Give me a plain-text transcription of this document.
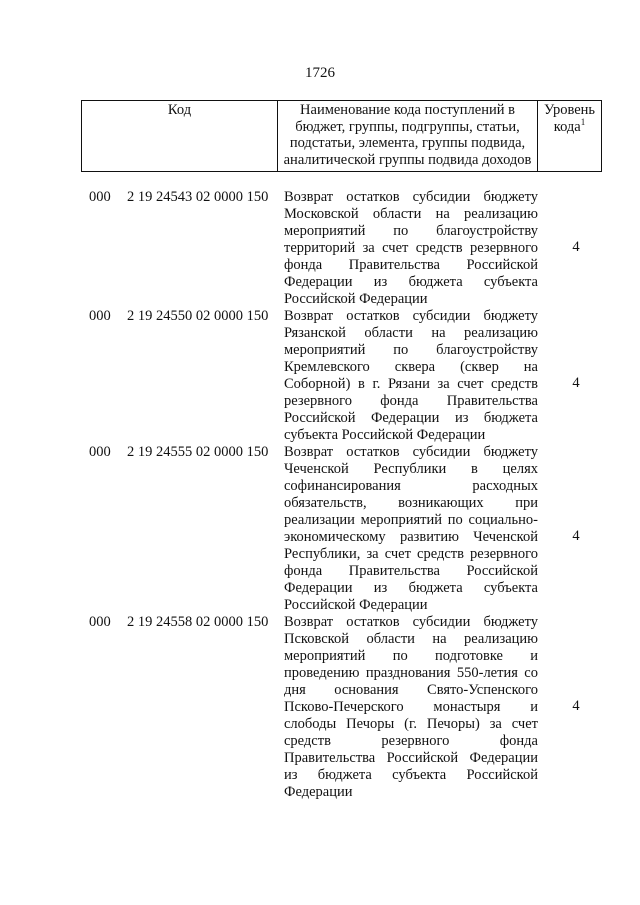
1726
Код	Наименование кода поступлений в
бюджет, группы, подгруппы, статьи,
подстатьи, элемента, группы подвида,
аналитической группы подвида доходов

Уровень
кода$^1$
000 2 19 24543 02 0000 150 Возврат остатков субсидии бюджету
Московской области на реализацию
мероприятий по благоустройству
территорий за счет средств резервного
фонда Правительства Российской
Федерации из бюджета субъекта
Российской Федерации
4
000 2 19 24550 02 0000 150 Возврат остатков субсидии бюджету
Рязанской области на реализацию
мероприятий по благоустройству
Кремлевского сквера (сквер на
Соборной) в г. Рязани за счет средств
резервного фонда Правительства
Российской Федерации из бюджета
субъекта Российской Федерации
4
000 2 19 24555 02 0000 150 Возврат остатков субсидии бюджету
Чеченской Республики в целях
софинансирования расходных
обязательств, возникающих при
реализации мероприятий по социально-
экономическому развитию Чеченской
Республики, за счет средств резервного
фонда Правительства Российской
Федерации из бюджета субъекта
Российской Федерации
4
000 2 19 24558 02 0000 150 Возврат остатков субсидии бюджету
Псковской области на реализацию
мероприятий по подготовке и
проведению празднования 550-летия со
дня основания Свято-Успенского
Псково-Печерского монастыря и
слободы Печоры (г. Печоры) за счет
средств резервного фонда
Правительства Российской Федерации
из бюджета субъекта Российской
Федерации
4
